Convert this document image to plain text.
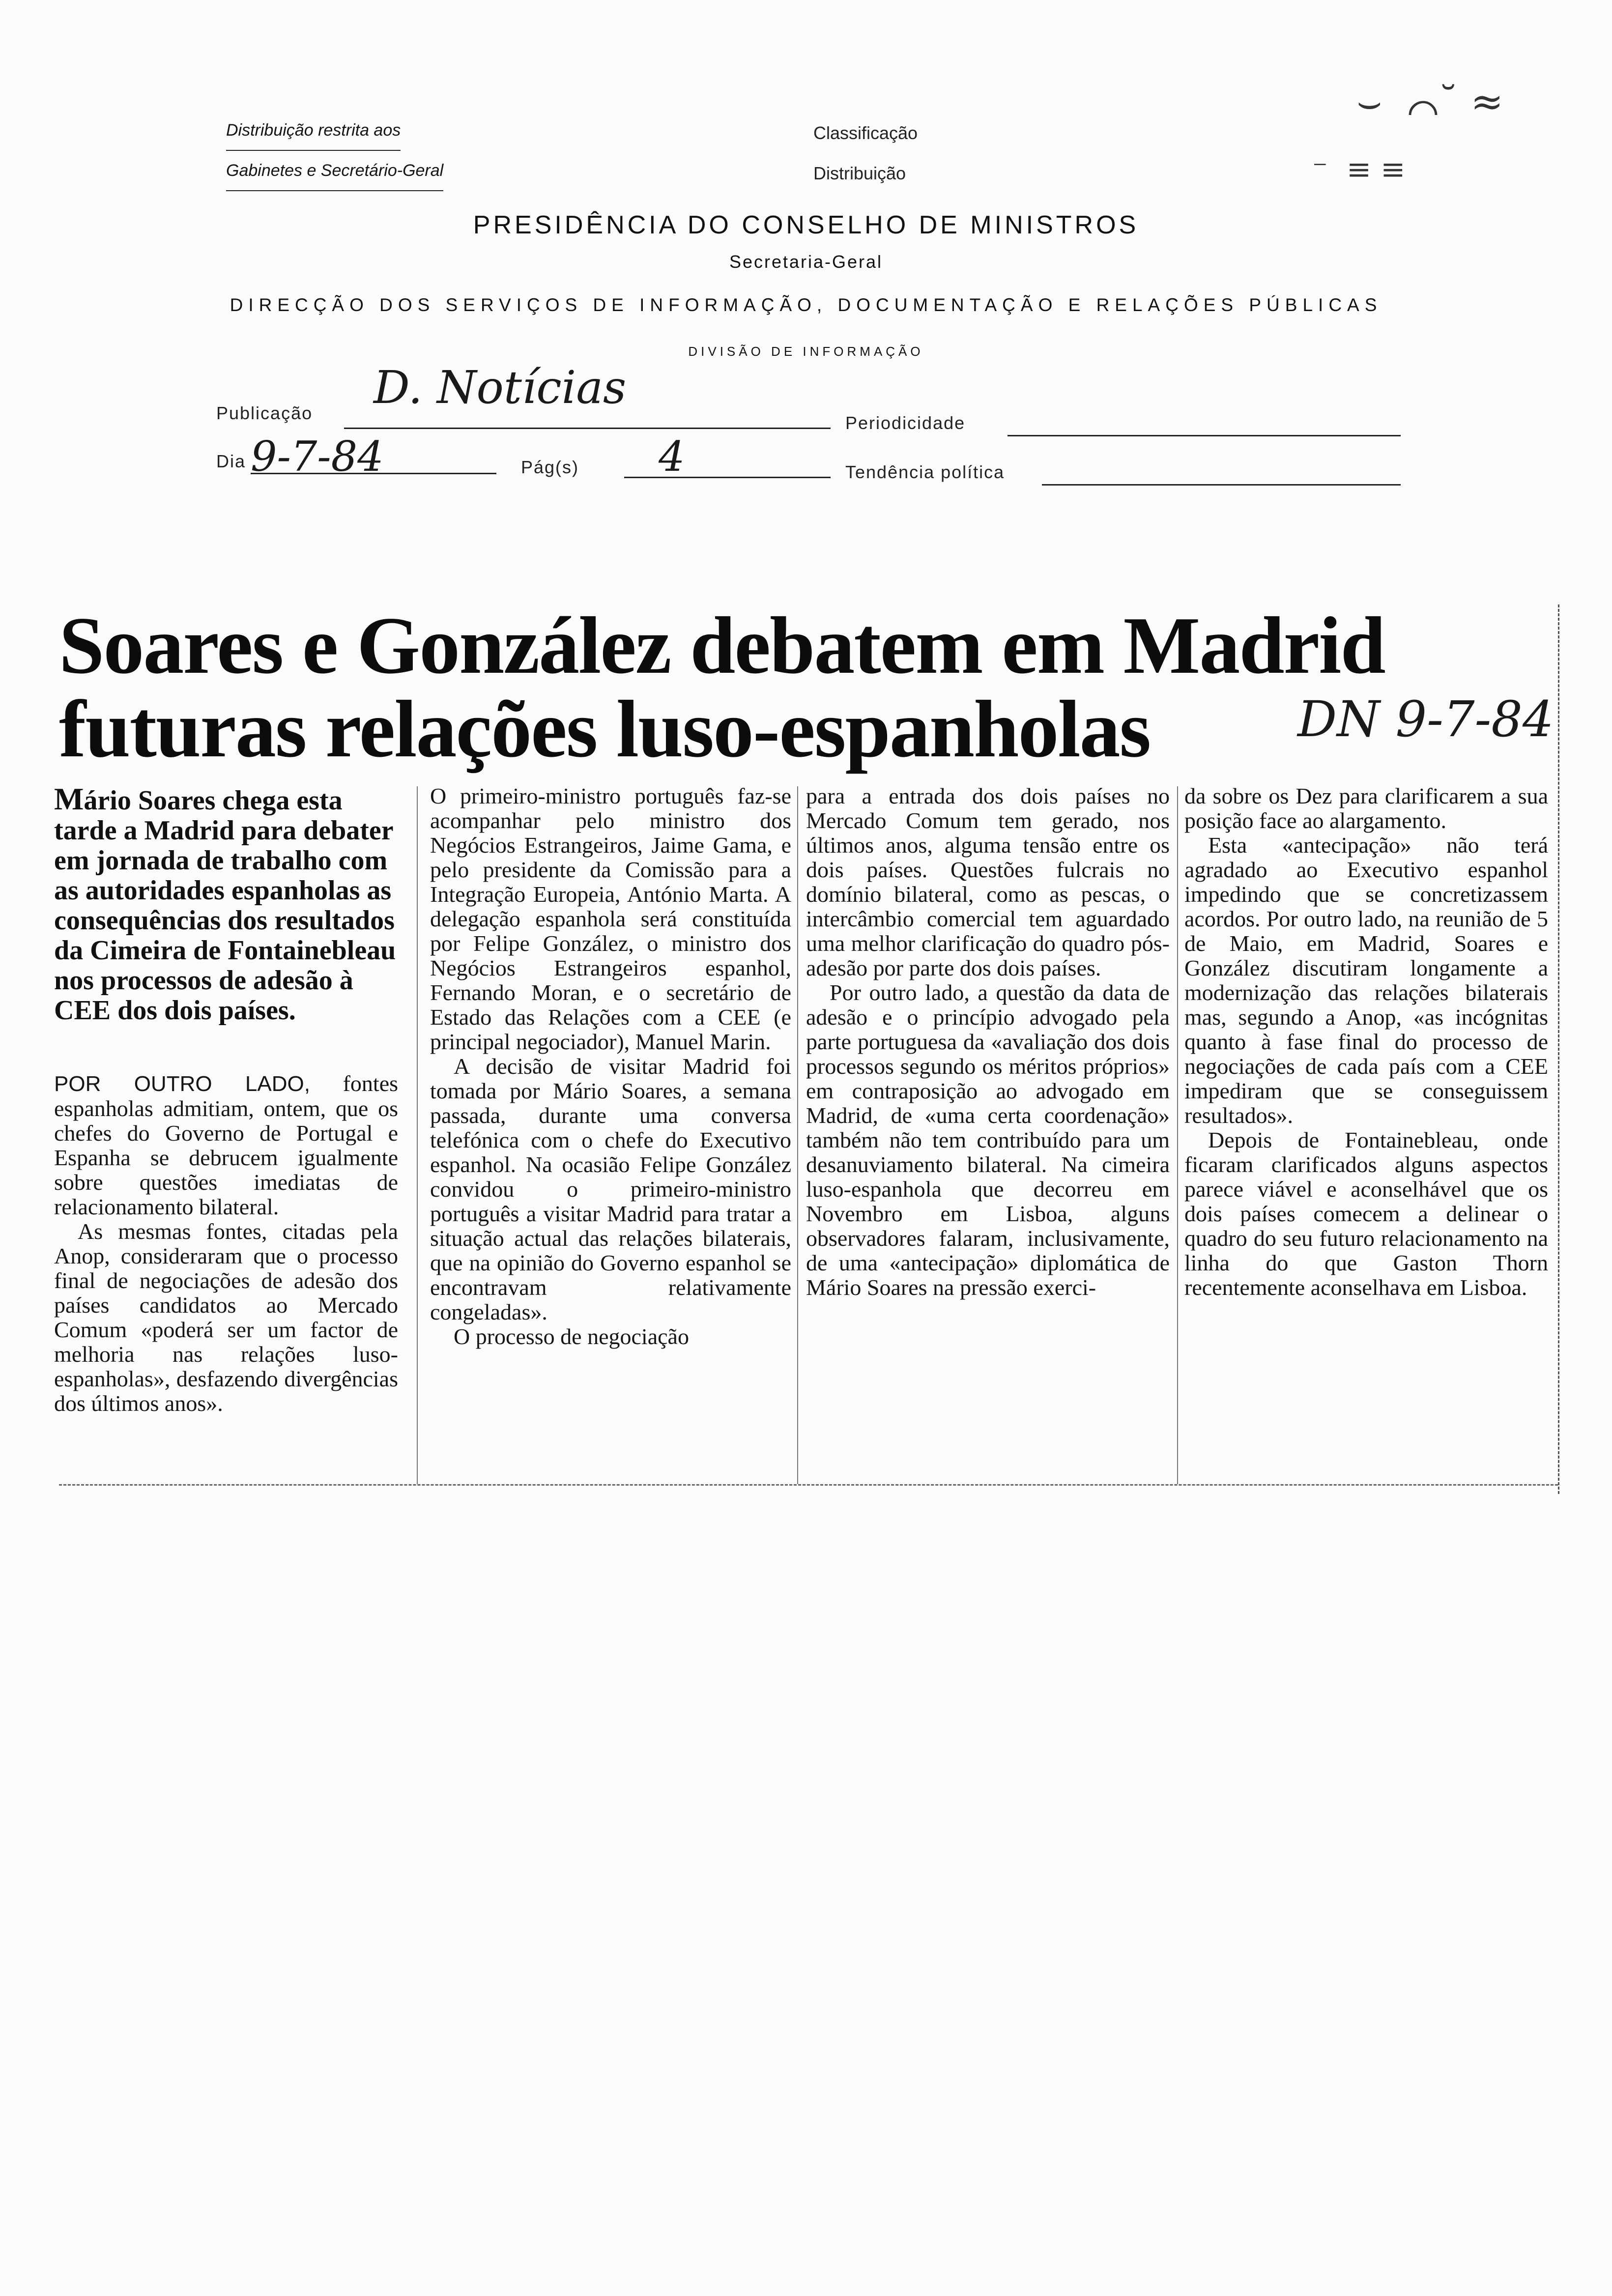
Distribuição restrita aos
Gabinetes e Secretário-Geral
Classificação
Distribuição
⌣  ⌒˘ ≈
⁻  ≡ ≡
PRESIDÊNCIA DO CONSELHO DE MINISTROS
Secretaria-Geral
DIRECÇÃO DOS SERVIÇOS DE INFORMAÇÃO, DOCUMENTAÇÃO E RELAÇÕES PÚBLICAS
DIVISÃO DE INFORMAÇÃO
Publicação D. Notícias
Periodicidade
Dia 9-7-84	Pág(s) 4	Tendência política
Soares e González debatem em Madrid
futuras relações luso-espanholas	DN 9-7-84
Mário Soares chega esta tarde a Madrid para debater em jornada de trabalho com as autoridades espanholas as consequências dos resultados da Cimeira de Fontainebleau nos processos de adesão à CEE dos dois países.

POR OUTRO LADO, fontes espanholas admitiam, ontem, que os chefes do Governo de Portugal e Espanha se debrucem igualmente sobre questões imediatas de relacionamento bilateral.

As mesmas fontes, citadas pela Anop, consideraram que o processo final de negociações de adesão dos países candidatos ao Mercado Comum «poderá ser um factor de melhoria nas relações luso-espanholas», desfazendo divergências dos últimos anos».

O primeiro-ministro português faz-se acompanhar pelo ministro dos Negócios Estrangeiros, Jaime Gama, e pelo presidente da Comissão para a Integração Europeia, António Marta. A delegação espanhola será constituída por Felipe González, o ministro dos Negócios Estrangeiros espanhol, Fernando Moran, e o secretário de Estado das Relações com a CEE (e principal negociador), Manuel Marin.

A decisão de visitar Madrid foi tomada por Mário Soares, a semana passada, durante uma conversa telefónica com o chefe do Executivo espanhol. Na ocasião Felipe González convidou o primeiro-ministro português a visitar Madrid para tratar a situação actual das relações bilaterais, que na opinião do Governo espanhol se encontravam relativamente congeladas».

O processo de negociação

para a entrada dos dois países no Mercado Comum tem gerado, nos últimos anos, alguma tensão entre os dois países. Questões fulcrais no domínio bilateral, como as pescas, o intercâmbio comercial tem aguardado uma melhor clarificação do quadro pós-adesão por parte dos dois países.

Por outro lado, a questão da data de adesão e o princípio advogado pela parte portuguesa da «avaliação dos dois processos segundo os méritos próprios» em contraposição ao advogado em Madrid, de «uma certa coordenação» também não tem contribuído para um desanuviamento bilateral. Na cimeira luso-espanhola que decorreu em Novembro em Lisboa, alguns observadores falaram, inclusivamente, de uma «antecipação» diplomática de Mário Soares na pressão exerci-

da sobre os Dez para clarificarem a sua posição face ao alargamento.

Esta «antecipação» não terá agradado ao Executivo espanhol impedindo que se concretizassem acordos. Por outro lado, na reunião de 5 de Maio, em Madrid, Soares e González discutiram longamente a modernização das relações bilaterais mas, segundo a Anop, «as incógnitas quanto à fase final do processo de negociações de cada país com a CEE impediram que se conseguissem resultados».

Depois de Fontainebleau, onde ficaram clarificados alguns aspectos parece viável e aconselhável que os dois países comecem a delinear o quadro do seu futuro relacionamento na linha do que Gaston Thorn recentemente aconselhava em Lisboa.
